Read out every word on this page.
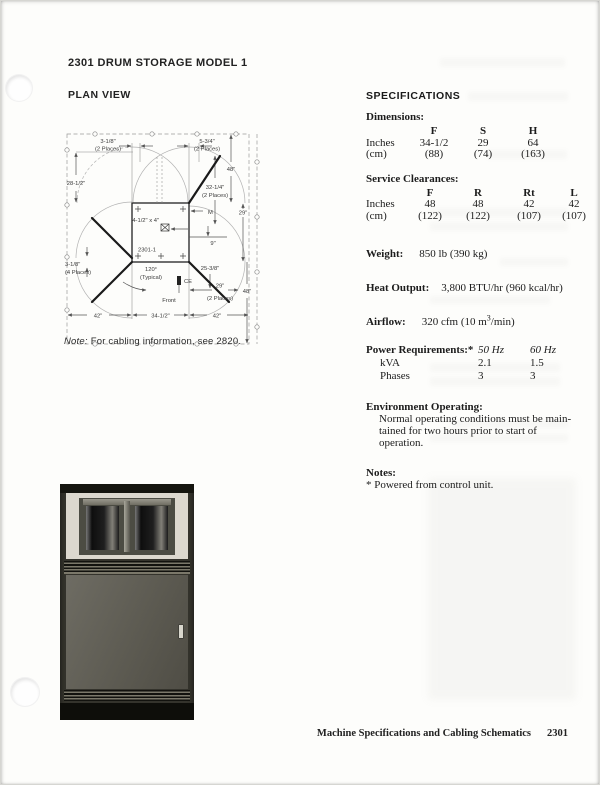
2301 DRUM STORAGE MODEL 1
PLAN VIEW	SPECIFICATIONS
3-1/8"
(2 Places)
5-3/4"
(2 Places)
28-1/2"
48"
32-1/4"
(2 Places)
M	29"
9"
4-1/2" x 4"
2301-1
3-1/8"
(4 Places)	120°
(Typical)
25-3/8"
CE
29"
(2 Places)
48"
Front
42"	34-1/2"	42"
Note: For cabling information, see 2820.
Dimensions:
F	S	H
Inches	34-1/2	29	64
(cm)	(88)	(74)	(163)
Service Clearances:
F	R	Rt	L
Inches	48	48	42	42
(cm)	(122)	(122)	(107)	(107)
Weight: 850 lb (390 kg)
Heat Output: 3,800 BTU/hr (960 kcal/hr)
Airflow: 320 cfm (10 $m^3/\min$)
Power Requirements:* 50 Hz	60 Hz
kVA	2.1	1.5
Phases	3	3
Environment Operating:
Normal operating conditions must be main-
tained for two hours prior to start of operation.
Notes:
* Powered from control unit.
Machine Specifications and Cabling Schematics 2301
